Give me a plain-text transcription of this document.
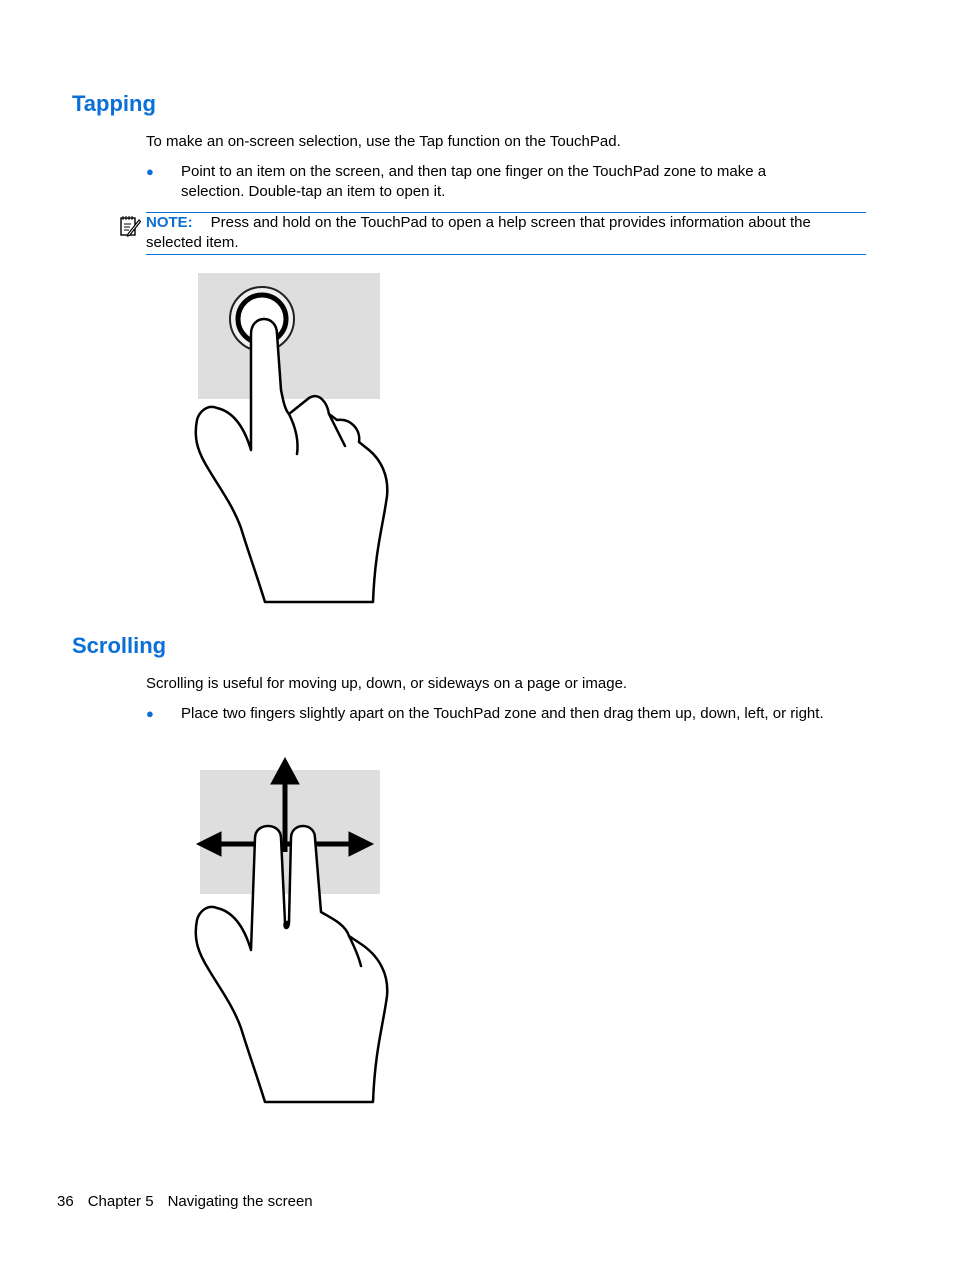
Tapping

To make an on-screen selection, use the Tap function on the TouchPad.

● Point to an item on the screen, and then tap one finger on the TouchPad zone to make a selection. Double-tap an item to open it.
NOTE: Press and hold on the TouchPad to open a help screen that provides information about the selected item.
Scrolling

Scrolling is useful for moving up, down, or sideways on a page or image.

● Place two fingers slightly apart on the TouchPad zone and then drag them up, down, left, or right.
36 Chapter 5 Navigating the screen
